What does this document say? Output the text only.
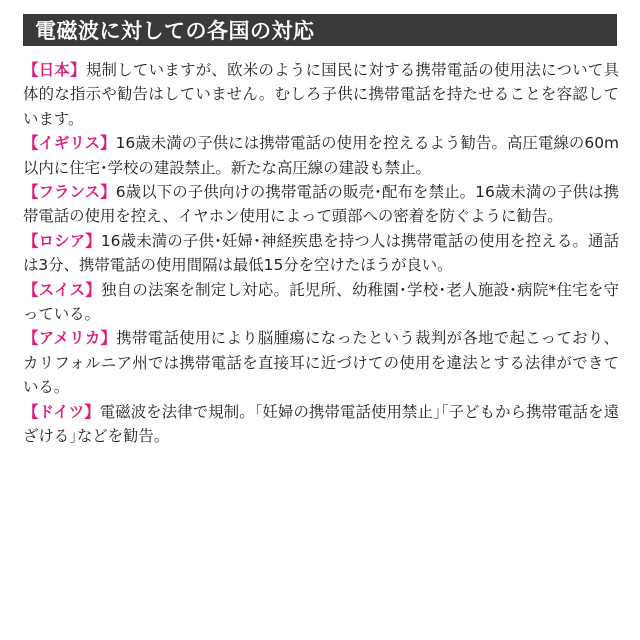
電磁波に対しての各国の対応

【日本】規制していますが、欧米のように国民に対する携帯電話の使用法について具体的な指示や勧告はしていません。むしろ子供に携帯電話を持たせることを容認しています。

【イギリス】16歳未満の子供には携帯電話の使用を控えるよう勧告。高圧電線の60m以内に住宅･学校の建設禁止。新たな高圧線の建設も禁止。

【フランス】6歳以下の子供向けの携帯電話の販売･配布を禁止。16歳未満の子供は携帯電話の使用を控え、イヤホン使用によって頭部への密着を防ぐように勧告。

【ロシア】16歳未満の子供･妊婦･神経疾患を持つ人は携帯電話の使用を控える。通話は3分、携帯電話の使用間隔は最低15分を空けたほうが良い。

【スイス】独自の法案を制定し対応。託児所、幼稚園･学校･老人施設･病院*住宅を守っている。

【アメリカ】携帯電話使用により脳腫瘍になったという裁判が各地で起こっており、カリフォルニア州では携帯電話を直接耳に近づけての使用を違法とする法律ができている。

【ドイツ】電磁波を法律で規制。｢妊婦の携帯電話使用禁止｣｢子どもから携帯電話を遠ざける｣などを勧告。
